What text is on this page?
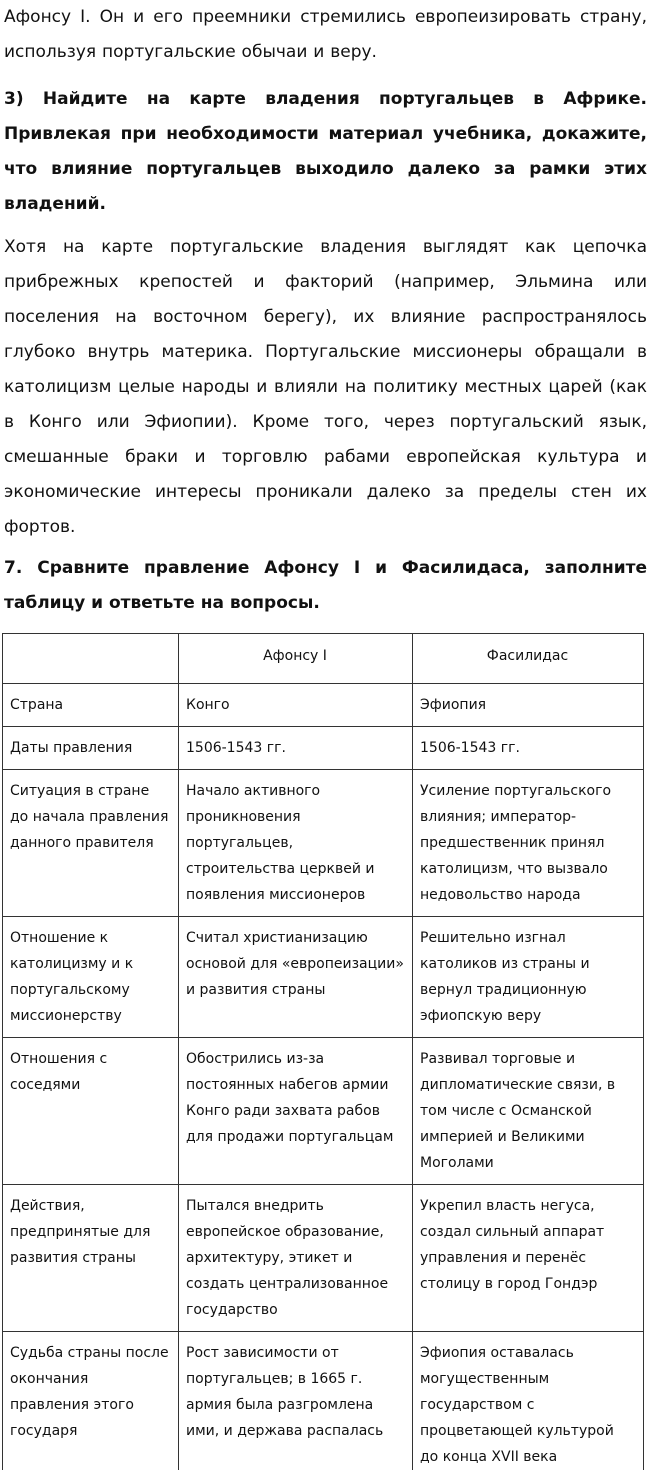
Афонсу I. Он и его преемники стремились европеизировать страну, используя португальские обычаи и веру.

3) Найдите на карте владения португальцев в Африке. Привлекая при необходимости материал учебника, докажите, что влияние португальцев выходило далеко за рамки этих владений.

Хотя на карте португальские владения выглядят как цепочка прибрежных крепостей и факторий (например, Эльмина или поселения на восточном берегу), их влияние распространялось глубоко внутрь материка. Португальские миссионеры обращали в католицизм целые народы и влияли на политику местных царей (как в Конго или Эфиопии). Кроме того, через португальский язык, смешанные браки и торговлю рабами европейская культура и экономические интересы проникали далеко за пределы стен их фортов.

7. Сравните правление Афонсу I и Фасилидаса, заполните таблицу и ответьте на вопросы.

	Афонсу I	Фасилидас
Страна	Конго	Эфиопия
Даты правления	1506-1543 гг.	1506-1543 гг.
Ситуация в стране до начала правления данного правителя	Начало активного проникновения португальцев, строительства церквей и появления миссионеров	Усиление португальского влияния; император-предшественник принял католицизм, что вызвало недовольство народа
Отношение к католицизму и к португальскому миссионерству	Считал христианизацию основой для «европеизации» и развития страны	Решительно изгнал католиков из страны и вернул традиционную эфиопскую веру
Отношения с соседями	Обострились из-за постоянных набегов армии Конго ради захвата рабов для продажи португальцам	Развивал торговые и дипломатические связи, в том числе с Османской империей и Великими Моголами
Действия, предпринятые для развития страны	Пытался внедрить европейское образование, архитектуру, этикет и создать централизованное государство	Укрепил власть негуса, создал сильный аппарат управления и перенёс столицу в город Гондэр
Судьба страны после окончания правления этого государя	Рост зависимости от португальцев; в 1665 г. армия была разгромлена ими, и держава распалась	Эфиопия оставалась могущественным государством с процветающей культурой до конца XVII века
